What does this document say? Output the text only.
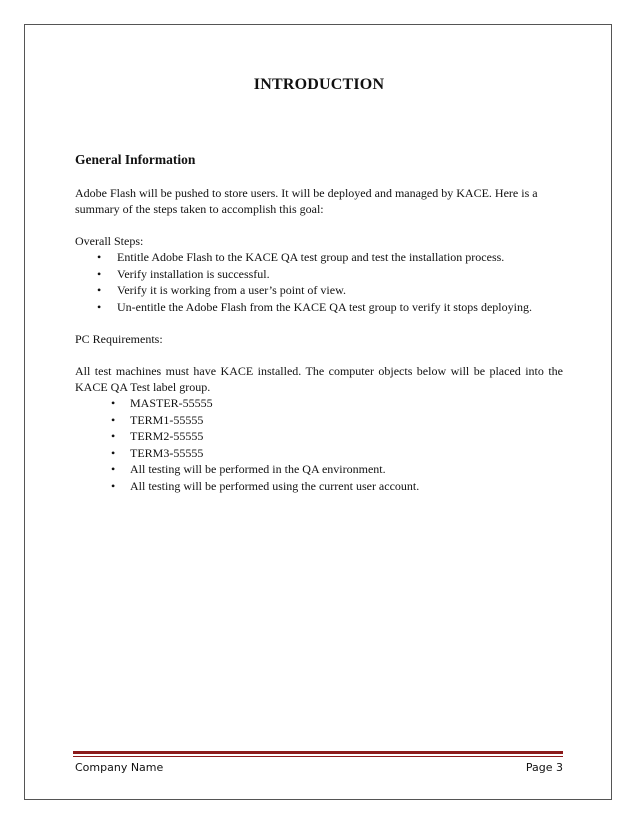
INTRODUCTION
General Information

Adobe Flash will be pushed to store users. It will be deployed and managed by KACE. Here is a summary of the steps taken to accomplish this goal:

Overall Steps:

• Entitle Adobe Flash to the KACE QA test group and test the installation process.
• Verify installation is successful.
• Verify it is working from a user’s point of view.
• Un-entitle the Adobe Flash from the KACE QA test group to verify it stops deploying.

PC Requirements:

All test machines must have KACE installed. The computer objects below will be placed into the KACE QA Test label group.

• MASTER-55555
• TERM1-55555
• TERM2-55555
• TERM3-55555
• All testing will be performed in the QA environment.
• All testing will be performed using the current user account.
Company Name	Page 3
